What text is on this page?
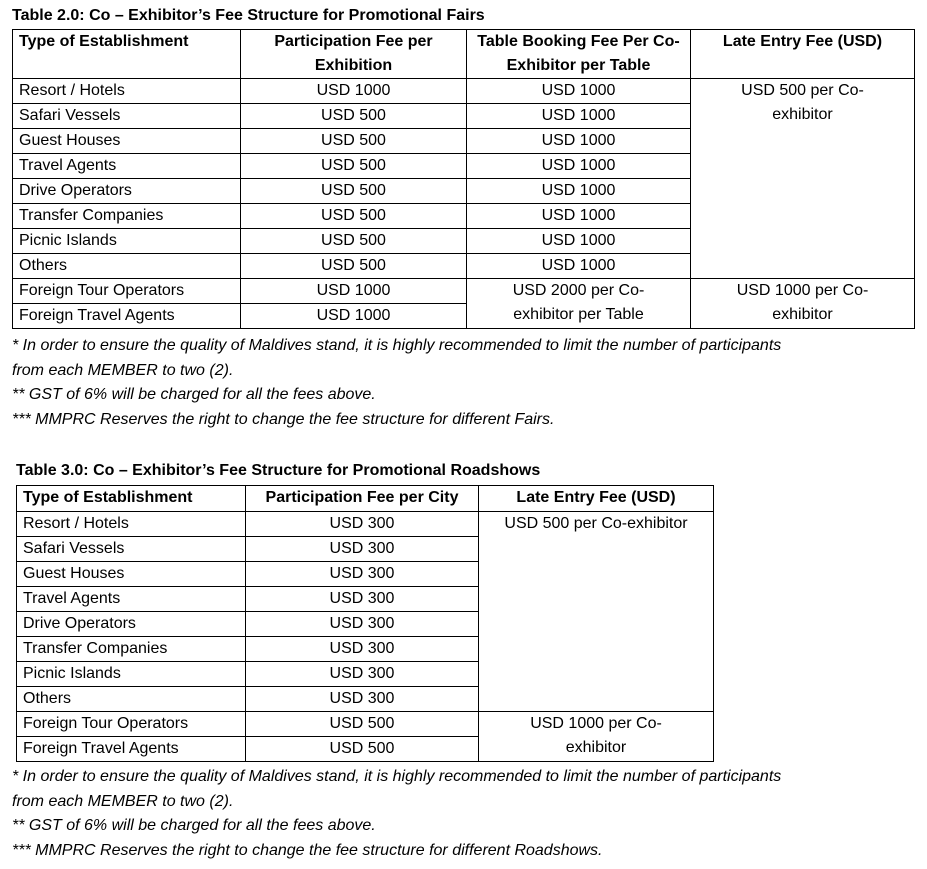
Table 2.0: Co – Exhibitor’s Fee Structure for Promotional Fairs
Type of Establishment	Participation Fee per Exhibition	Table Booking Fee Per Co- Exhibitor per Table	Late Entry Fee (USD)
Resort / Hotels	USD 1000	USD 1000	USD 500 per Co-exhibitor
Safari Vessels	USD 500	USD 1000	
Guest Houses	USD 500	USD 1000	
Travel Agents	USD 500	USD 1000	
Drive Operators	USD 500	USD 1000	
Transfer Companies	USD 500	USD 1000	
Picnic Islands	USD 500	USD 1000	
Others	USD 500	USD 1000	
Foreign Tour Operators	USD 1000	USD 2000 per Co-exhibitor per Table	USD 1000 per Co-exhibitor
Foreign Travel Agents	USD 1000		
* In order to ensure the quality of Maldives stand, it is highly recommended to limit the number of participants
from each MEMBER to two (2).
** GST of 6% will be charged for all the fees above.
*** MMPRC Reserves the right to change the fee structure for different Fairs.
Table 3.0: Co – Exhibitor’s Fee Structure for Promotional Roadshows
Type of Establishment	Participation Fee per City	Late Entry Fee (USD)
Resort / Hotels	USD 300	USD 500 per Co-exhibitor
Safari Vessels	USD 300	
Guest Houses	USD 300	
Travel Agents	USD 300	
Drive Operators	USD 300	
Transfer Companies	USD 300	
Picnic Islands	USD 300	
Others	USD 300	
Foreign Tour Operators	USD 500	USD 1000 per Co-exhibitor
Foreign Travel Agents	USD 500	
* In order to ensure the quality of Maldives stand, it is highly recommended to limit the number of participants
from each MEMBER to two (2).
** GST of 6% will be charged for all the fees above.
*** MMPRC Reserves the right to change the fee structure for different Roadshows.
